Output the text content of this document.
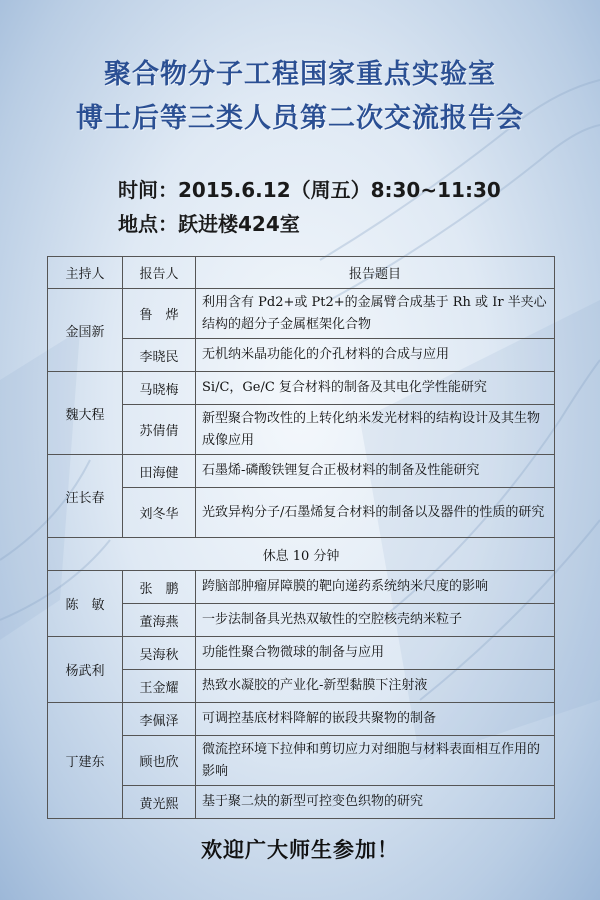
聚合物分子工程国家重点实验室
博士后等三类人员第二次交流报告会
时间：2015.6.12（周五）8:30~11:30
地点：跃进楼424室
主持人	报告人	报告题目
金国新	鲁　烨	利用含有 Pd2+或 Pt2+的金属臂合成基于 Rh 或 Ir 半夹心结构的超分子金属框架化合物
	李晓民	无机纳米晶功能化的介孔材料的合成与应用
魏大程	马晓梅	Si/C，Ge/C 复合材料的制备及其电化学性能研究
	苏倩倩	新型聚合物改性的上转化纳米发光材料的结构设计及其生物成像应用
汪长春	田海健	石墨烯-磷酸铁锂复合正极材料的制备及性能研究
	刘冬华	光致异构分子/石墨烯复合材料的制备以及器件的性质的研究
休息 10 分钟		
陈　敏	张　鹏	跨脑部肿瘤屏障膜的靶向递药系统纳米尺度的影响
	董海燕	一步法制备具光热双敏性的空腔核壳纳米粒子
杨武利	吴海秋	功能性聚合物微球的制备与应用
	王金耀	热致水凝胶的产业化-新型黏膜下注射液
丁建东	李佩泽	可调控基底材料降解的嵌段共聚物的制备
	顾也欣	微流控环境下拉伸和剪切应力对细胞与材料表面相互作用的影响
	黄光熙	基于聚二炔的新型可控变色织物的研究
欢迎广大师生参加！
